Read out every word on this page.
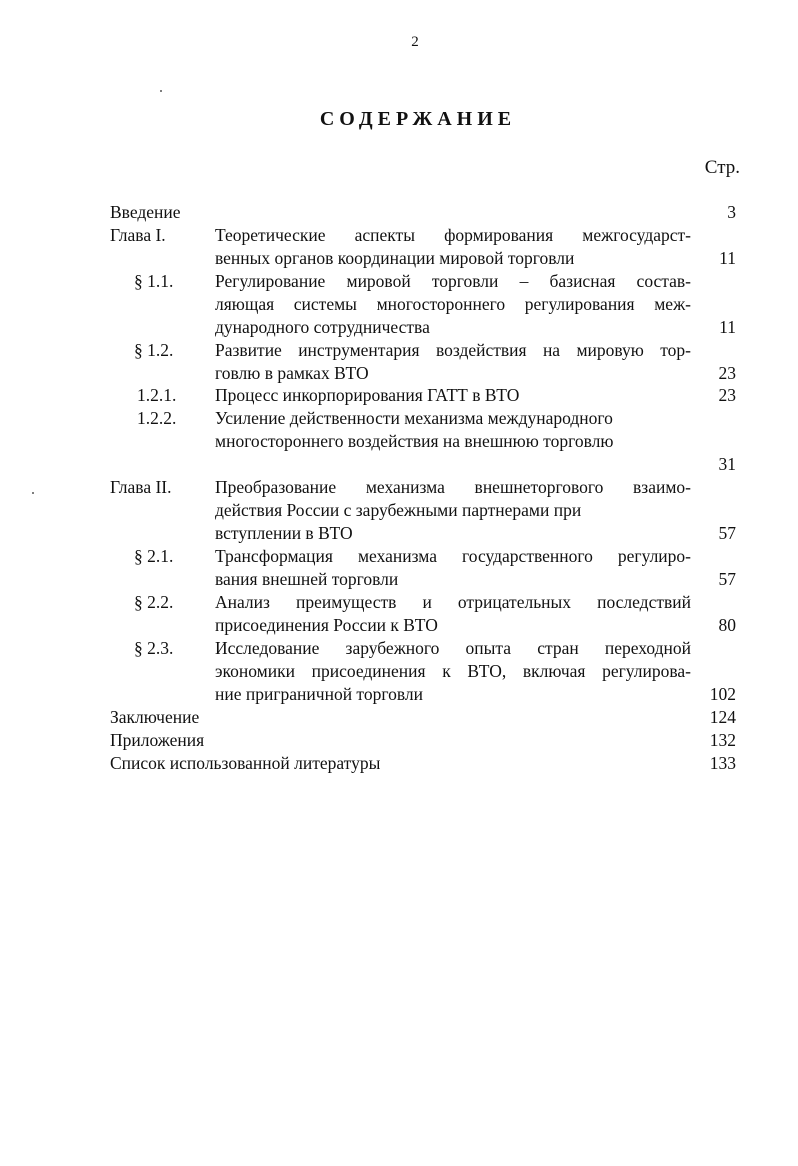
2
СОДЕРЖАНИЕ
Стр.
Введение	3
Глава I.	Теоретические аспекты формирования межгосударст-
венных органов координации мировой торговли	11
§ 1.1. Регулирование мировой торговли – базисная состав-
ляющая системы многостороннего регулирования меж-
дународного сотрудничества	11
§ 1.2. Развитие инструментария воздействия на мировую тор-
говлю в рамках ВТО	23
1.2.1. Процесс инкорпорирования ГАТТ в ВТО	23
1.2.2. Усиление действенности механизма международного
многостороннего воздействия на внешнюю торговлю
31
Глава II. Преобразование механизма внешнеторгового взаимо-
действия России с зарубежными партнерами при
вступлении в ВТО	57
§ 2.1. Трансформация механизма государственного регулиро-
вания внешней торговли	57
§ 2.2. Анализ преимуществ и отрицательных последствий
присоединения России к ВТО	80
§ 2.3. Исследование зарубежного опыта стран переходной
экономики присоединения к ВТО, включая регулирова-
ние приграничной торговли	102
Заключение	124
Приложения	132
Список использованной литературы	133
